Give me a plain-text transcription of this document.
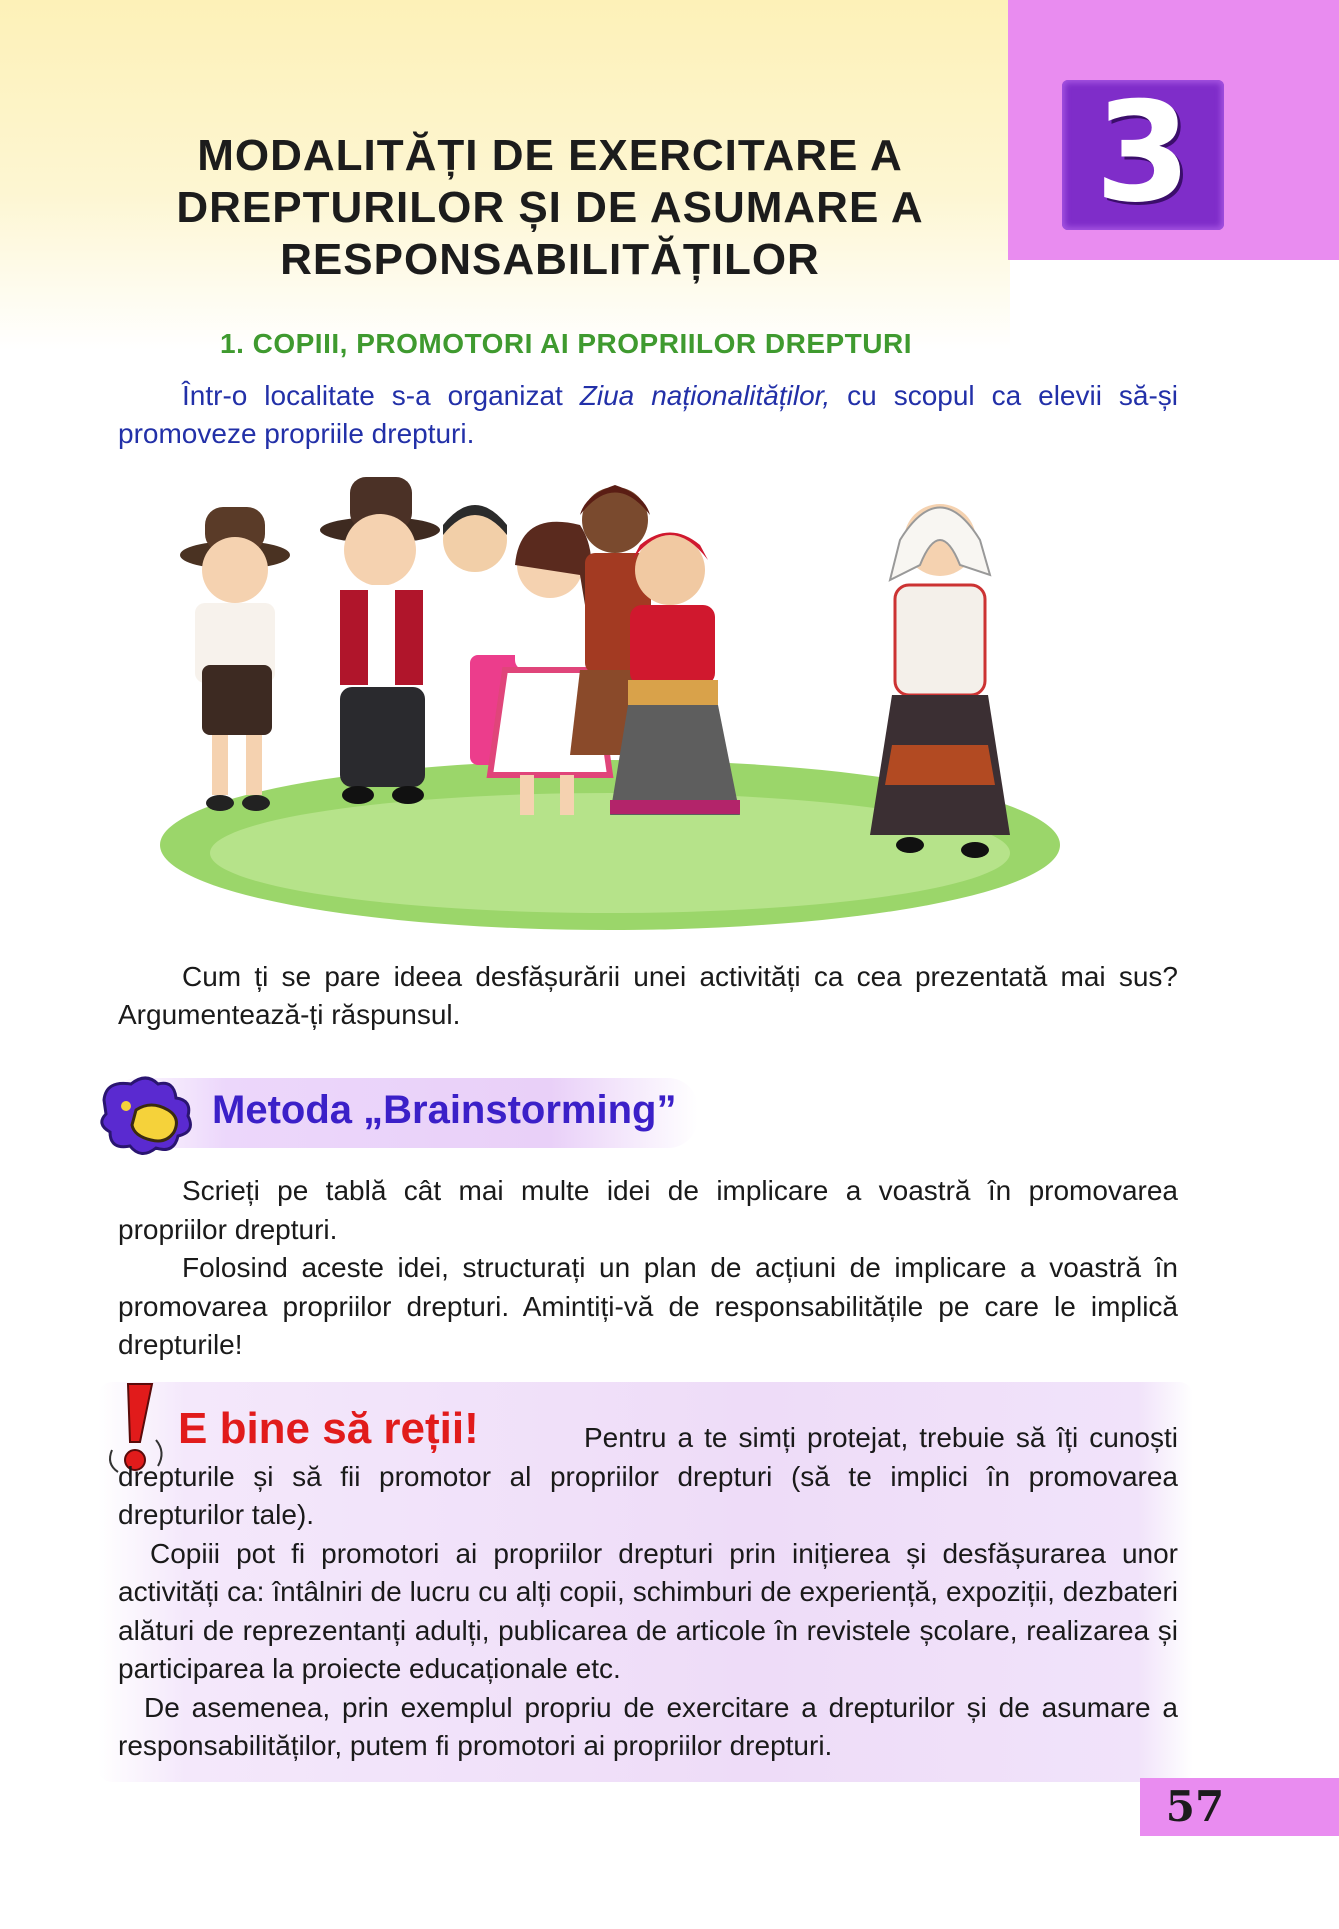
3
MODALITĂȚI DE EXERCITARE A
DREPTURILOR ȘI DE ASUMARE A
RESPONSABILITĂȚILOR
1. COPIII, PROMOTORI AI PROPRIILOR DREPTURI
Într-o localitate s-a organizat Ziua naționalităților, cu scopul ca elevii să-și promoveze propriile drepturi.
Cum ți se pare ideea desfășurării unei activități ca cea prezentată mai sus? Argumentează-ți răspunsul.
Metoda „Brainstorming”

Scrieți pe tablă cât mai multe idei de implicare a voastră în promovarea propriilor drepturi.

Folosind aceste idei, structurați un plan de acțiuni de implicare a voastră în promovarea propriilor drepturi. Amintiți-vă de responsabilitățile pe care le implică drepturile!

E bine să reții!	Pentru a te simți protejat, trebuie să îți cunoști drepturile și să fii promotor al propriilor drepturi (să te implici în promovarea drepturilor tale).

Copiii pot fi promotori ai propriilor drepturi prin inițierea și desfășurarea unor activități ca: întâlniri de lucru cu alți copii, schimburi de experiență, expoziții, dezbateri alături de reprezentanți adulți, publicarea de articole în revistele școlare, realizarea și participarea la proiecte educaționale etc.

De asemenea, prin exemplul propriu de exercitare a drepturilor și de asumare a responsabilităților, putem fi promotori ai propriilor drepturi.

57
